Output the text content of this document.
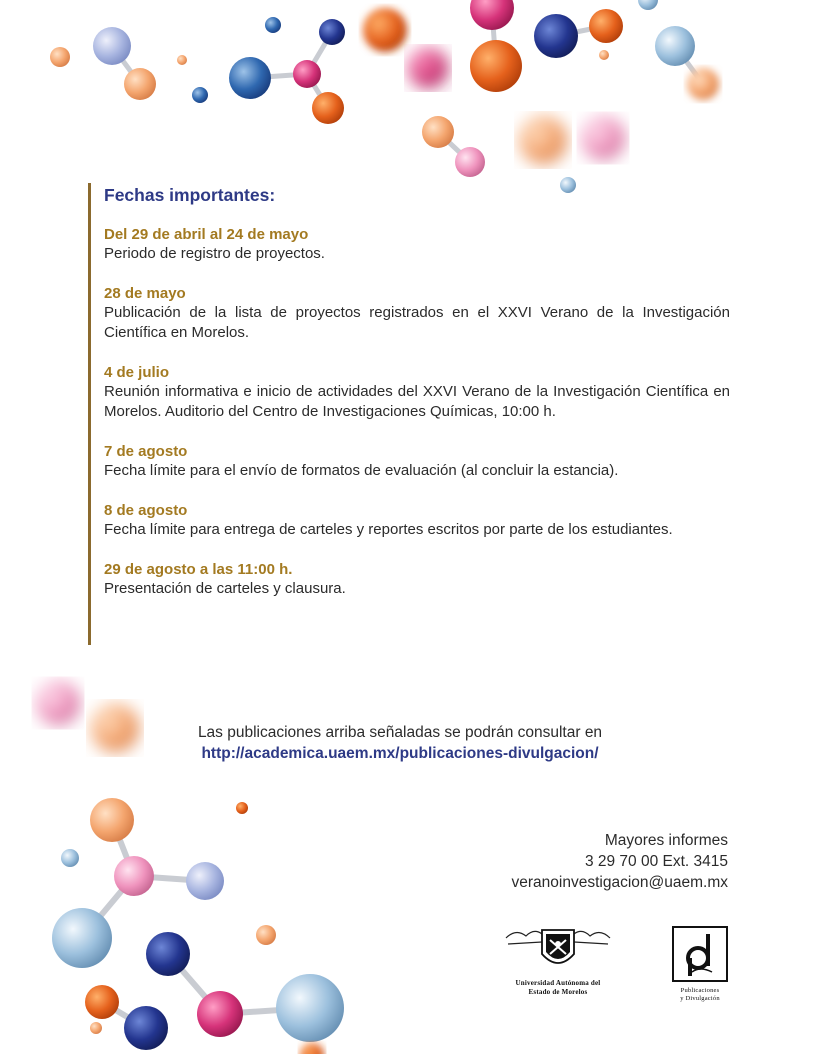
Fechas importantes:
Del 29 de abril al 24 de mayo
Periodo de registro de proyectos.
28 de mayo
Publicación de la lista de proyectos registrados en el XXVI Verano de la Investigación Científica en Morelos.
4 de julio
Reunión informativa e inicio de actividades del XXVI Verano de la Investigación Científica en Morelos. Auditorio del Centro de Investigaciones Químicas, 10:00 h.
7 de agosto
Fecha límite para el envío de formatos de evaluación (al concluir la estancia).
8 de agosto
Fecha límite para entrega de carteles y reportes escritos por parte de los estudiantes.
29 de agosto a las 11:00 h.
Presentación de carteles y clausura.
Las publicaciones arriba señaladas se podrán consultar en
http://academica.uaem.mx/publicaciones-divulgacion/
Mayores informes
3 29 70 00 Ext. 3415
veranoinvestigacion@uaem.mx
Universidad Autónoma del
Estado de Morelos	Publicaciones
y Divulgación
